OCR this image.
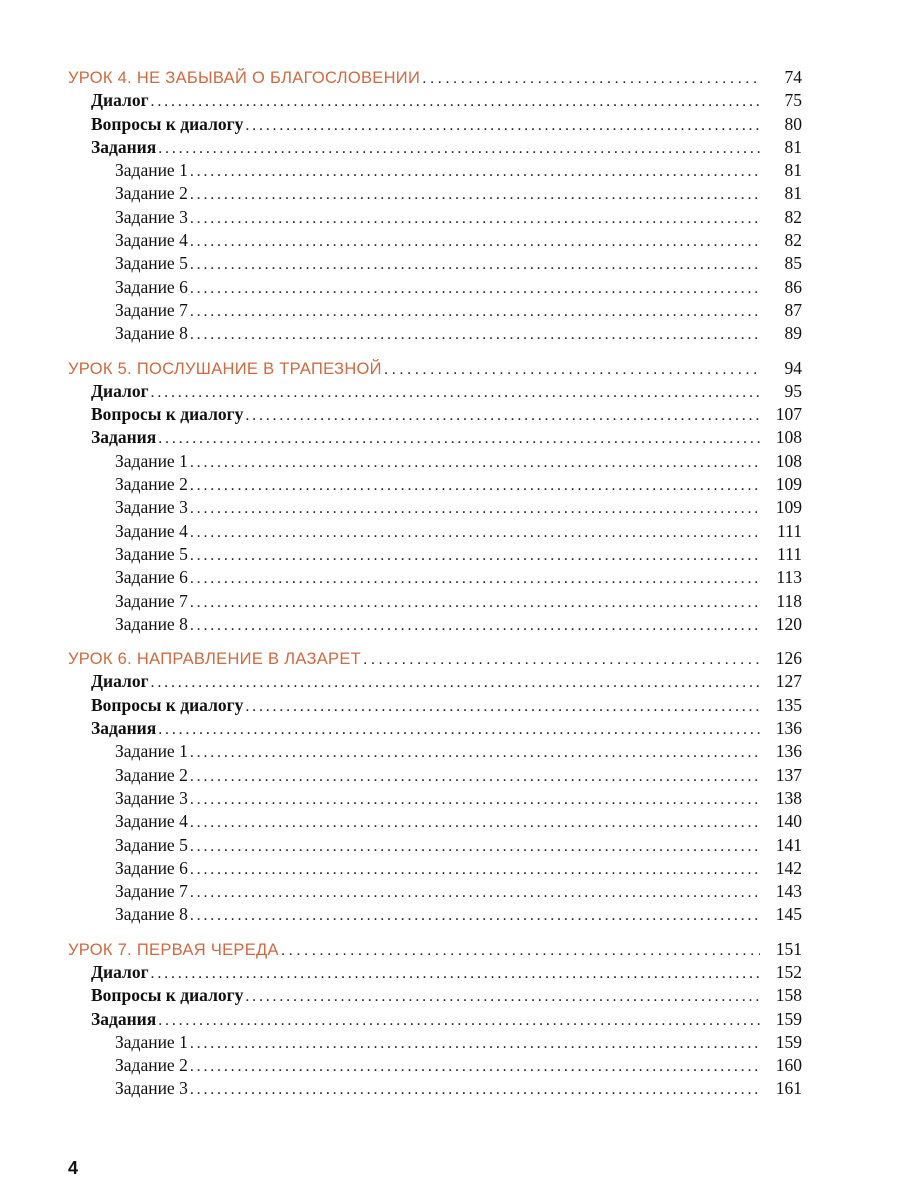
УРОК 4. НЕ ЗАБЫВАЙ О БЛАГОСЛОВЕНИИ . . .	74
Диалог . . .	75
Вопросы к диалогу . . .	80
Задания . . .	81
Задание 1 . . .	81
Задание 2 . . .	81
Задание 3 . . .	82
Задание 4 . . .	82
Задание 5 . . .	85
Задание 6 . . .	86
Задание 7 . . .	87
Задание 8 . . .	89
УРОК 5. ПОСЛУШАНИЕ В ТРАПЕЗНОЙ . . .	94
Диалог . . .	95
Вопросы к диалогу . . .	107
Задания . . .	108
Задание 1 . . .	108
Задание 2 . . .	109
Задание 3 . . .	109
Задание 4 . . .	111
Задание 5 . . .	111
Задание 6 . . .	113
Задание 7 . . .	118
Задание 8 . . .	120
УРОК 6. НАПРАВЛЕНИЕ В ЛАЗАРЕТ . . .	126
Диалог . . .	127
Вопросы к диалогу . . .	135
Задания . . .	136
Задание 1 . . .	136
Задание 2 . . .	137
Задание 3 . . .	138
Задание 4 . . .	140
Задание 5 . . .	141
Задание 6 . . .	142
Задание 7 . . .	143
Задание 8 . . .	145
УРОК 7. ПЕРВАЯ ЧЕРЕДА . . .	151
Диалог . . .	152
Вопросы к диалогу . . .	158
Задания . . .	159
Задание 1 . . .	159
Задание 2 . . .	160
Задание 3 . . .	161
4
